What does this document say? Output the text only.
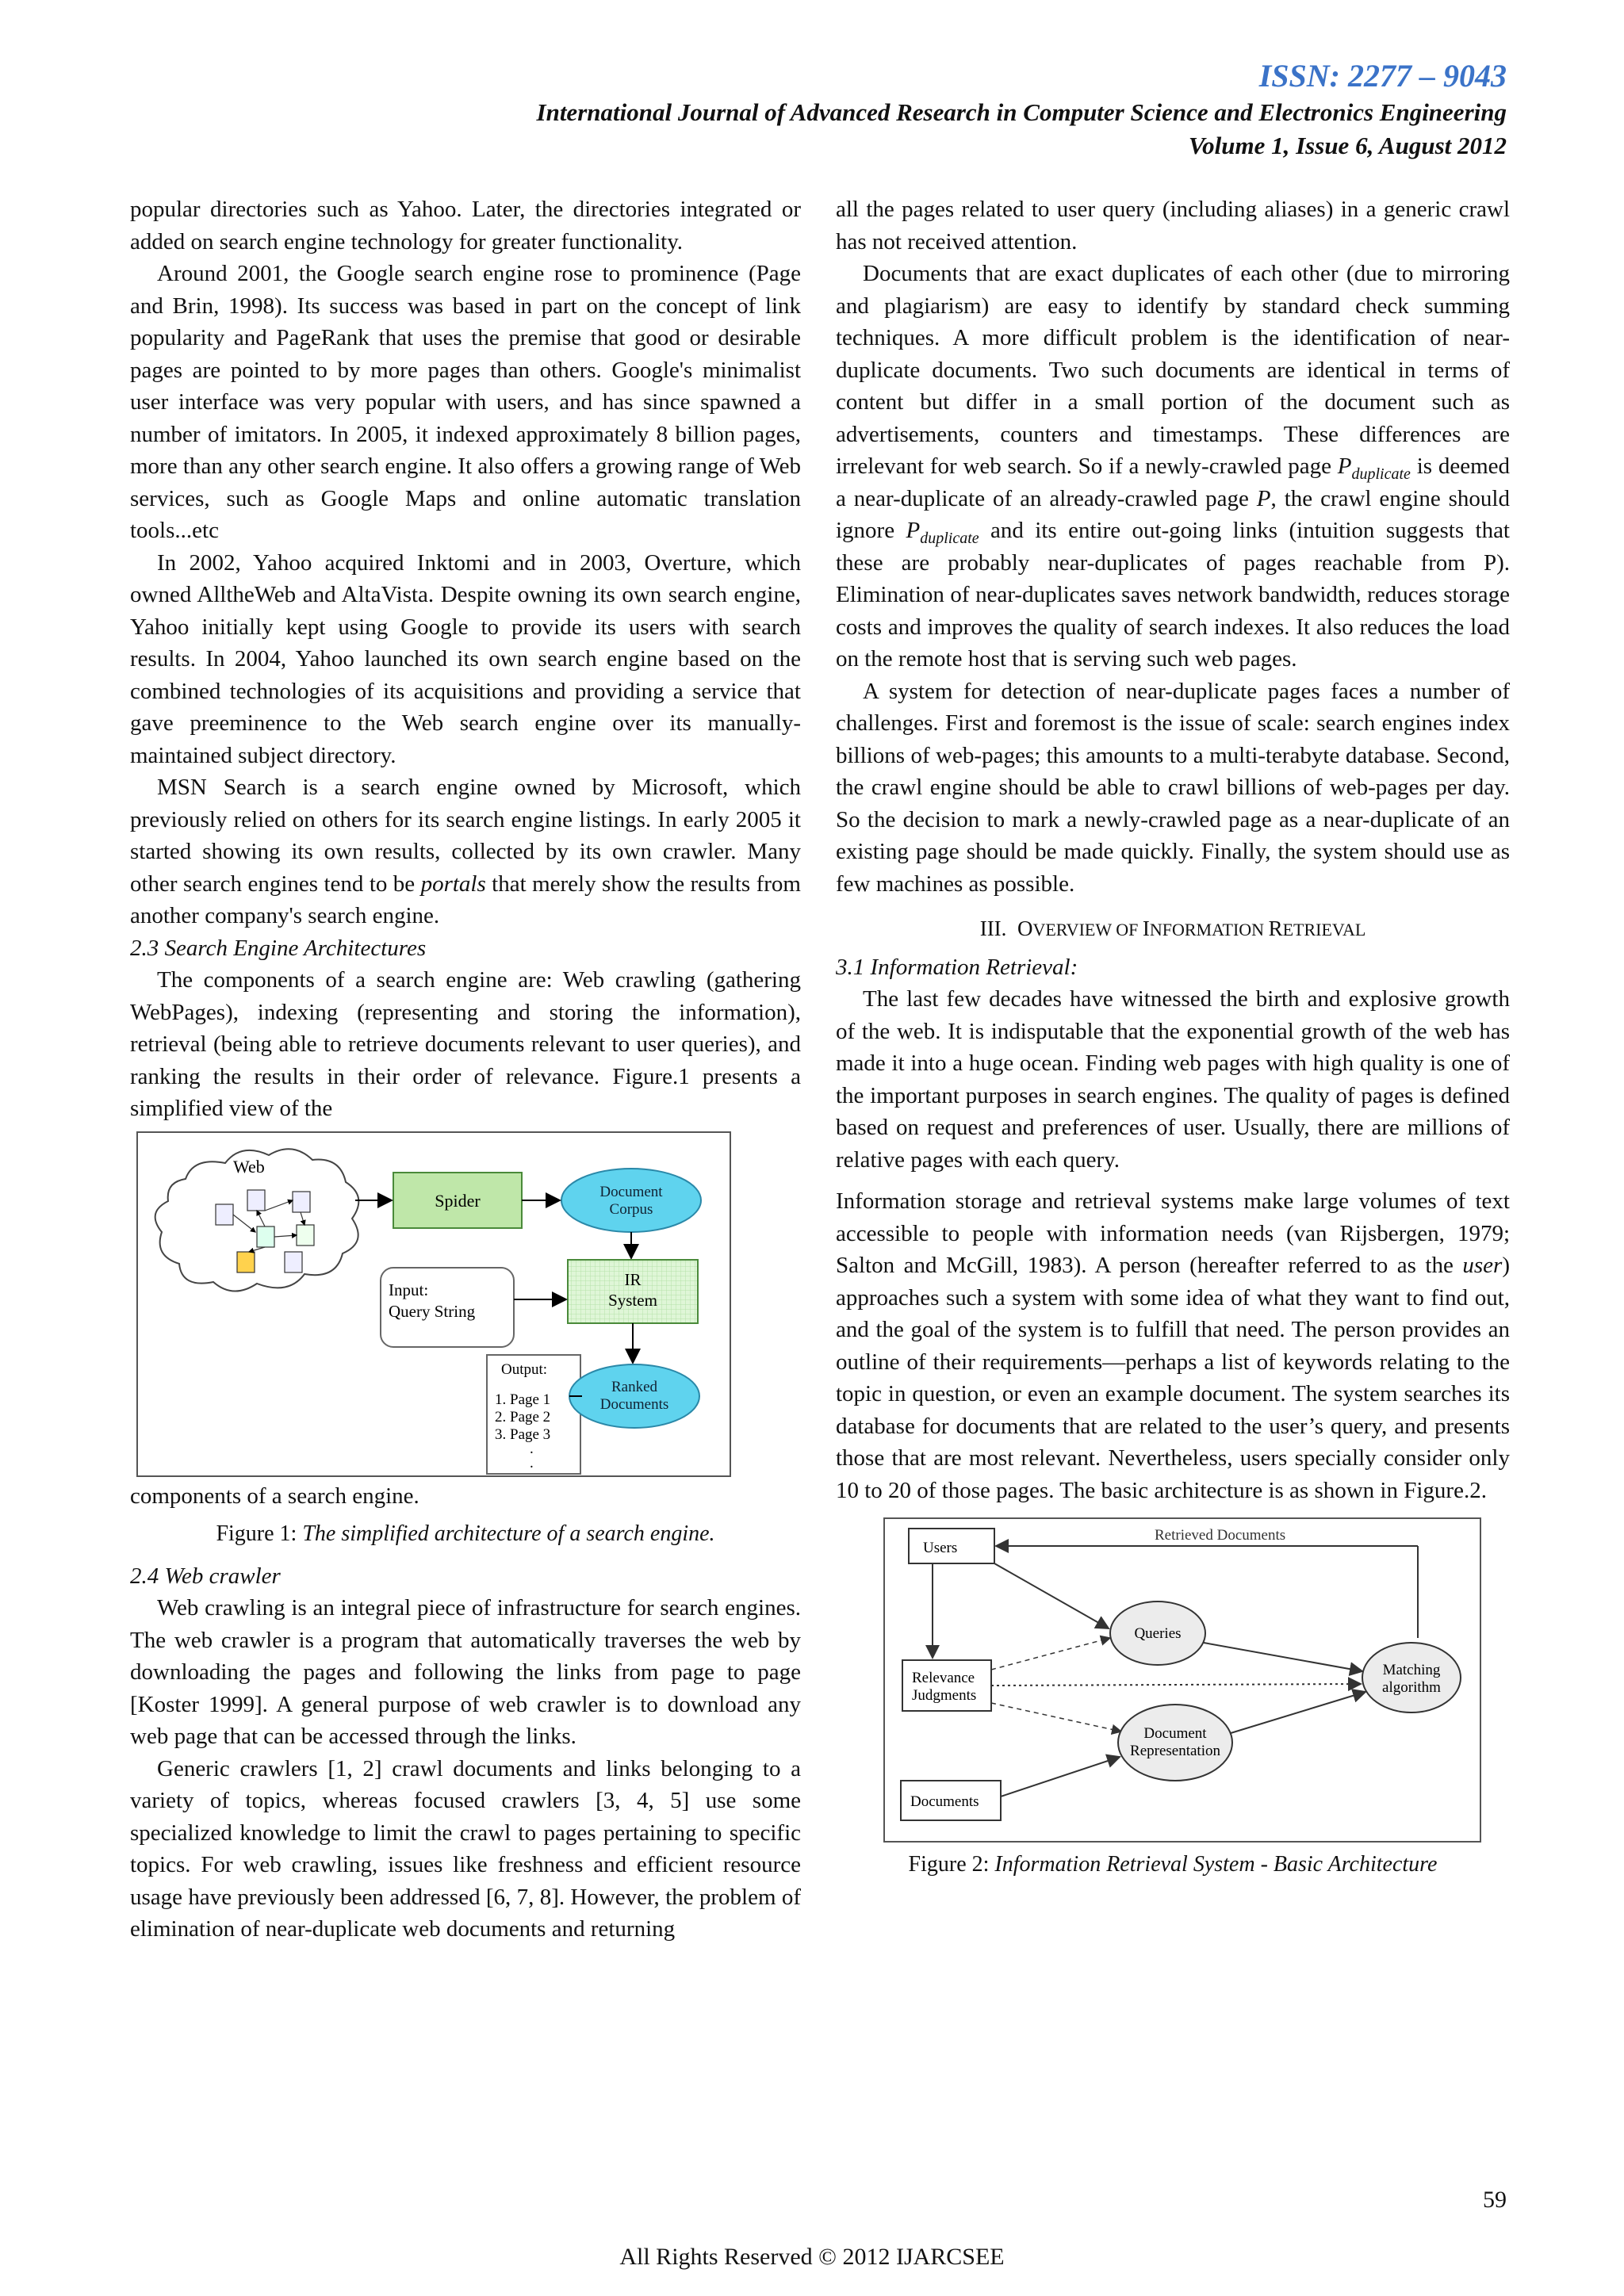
ISSN: 2277 – 9043
International Journal of Advanced Research in Computer Science and Electronics Engineering
Volume 1, Issue 6, August 2012

popular directories such as Yahoo. Later, the directories integrated or added on search engine technology for greater functionality.

Around 2001, the Google search engine rose to prominence (Page and Brin, 1998). Its success was based in part on the concept of link popularity and PageRank that uses the premise that good or desirable pages are pointed to by more pages than others. Google's minimalist user interface was very popular with users, and has since spawned a number of imitators. In 2005, it indexed approximately 8 billion pages, more than any other search engine. It also offers a growing range of Web services, such as Google Maps and online automatic translation tools...etc

In 2002, Yahoo acquired Inktomi and in 2003, Overture, which owned AlltheWeb and AltaVista. Despite owning its own search engine, Yahoo initially kept using Google to provide its users with search results. In 2004, Yahoo launched its own search engine based on the combined technologies of its acquisitions and providing a service that gave preeminence to the Web search engine over its manually-maintained subject directory.

MSN Search is a search engine owned by Microsoft, which previously relied on others for its search engine listings. In early 2005 it started showing its own results, collected by its own crawler. Many other search engines tend to be portals that merely show the results from another company's search engine.

2.3 Search Engine Architectures

The components of a search engine are: Web crawling (gathering WebPages), indexing (representing and storing the information), retrieval (being able to retrieve documents relevant to user queries), and ranking the results in their order of relevance. Figure.1 presents a simplified view of the

Web
Spider	Document
Corpus
Input:
Query String
IR
System
Output:
1. Page 1
2. Page 2
3. Page 3
.
.
Ranked
Documents

components of a search engine.

Figure 1: The simplified architecture of a search engine.

2.4 Web crawler

Web crawling is an integral piece of infrastructure for search engines. The web crawler is a program that automatically traverses the web by downloading the pages and following the links from page to page [Koster 1999]. A general purpose of web crawler is to download any web page that can be accessed through the links.

Generic crawlers [1, 2] crawl documents and links belonging to a variety of topics, whereas focused crawlers [3, 4, 5] use some specialized knowledge to limit the crawl to pages pertaining to specific topics. For web crawling, issues like freshness and efficient resource usage have previously been addressed [6, 7, 8]. However, the problem of elimination of near-duplicate web documents and returning

all the pages related to user query (including aliases) in a generic crawl has not received attention.

Documents that are exact duplicates of each other (due to mirroring and plagiarism) are easy to identify by standard check summing techniques. A more difficult problem is the identification of near-duplicate documents. Two such documents are identical in terms of content but differ in a small portion of the document such as advertisements, counters and timestamps. These differences are irrelevant for web search. So if a newly-crawled page $P_{duplicate}$ is deemed a near-duplicate of an already-crawled page P, the crawl engine should ignore $P_{duplicate}$ and its entire out-going links (intuition suggests that these are probably near-duplicates of pages reachable from P). Elimination of near-duplicates saves network bandwidth, reduces storage costs and improves the quality of search indexes. It also reduces the load on the remote host that is serving such web pages.

A system for detection of near-duplicate pages faces a number of challenges. First and foremost is the issue of scale: search engines index billions of web-pages; this amounts to a multi-terabyte database. Second, the crawl engine should be able to crawl billions of web-pages per day. So the decision to mark a newly-crawled page as a near-duplicate of an existing page should be made quickly. Finally, the system should use as few machines as possible.

III. OVERVIEW OF INFORMATION RETRIEVAL

3.1 Information Retrieval:

The last few decades have witnessed the birth and explosive growth of the web. It is indisputable that the exponential growth of the web has made it into a huge ocean. Finding web pages with high quality is one of the important purposes in search engines. The quality of pages is defined based on request and preferences of user. Usually, there are millions of relative pages with each query.

Information storage and retrieval systems make large volumes of text accessible to people with information needs (van Rijsbergen, 1979; Salton and McGill, 1983). A person (hereafter referred to as the user) approaches such a system with some idea of what they want to find out, and the goal of the system is to fulfill that need. The person provides an outline of their requirements—perhaps a list of keywords relating to the topic in question, or even an example document. The system searches its database for documents that are related to the user’s query, and presents those that are most relevant. Nevertheless, users specially consider only 10 to 20 of those pages. The basic architecture is as shown in Figure.2.

Users
Retrieved Documents
Queries
Relevance
Judgments
Matching
algorithm
Document
Representation
Documents

Figure 2: Information Retrieval System - Basic Architecture

59
All Rights Reserved © 2012 IJARCSEE
